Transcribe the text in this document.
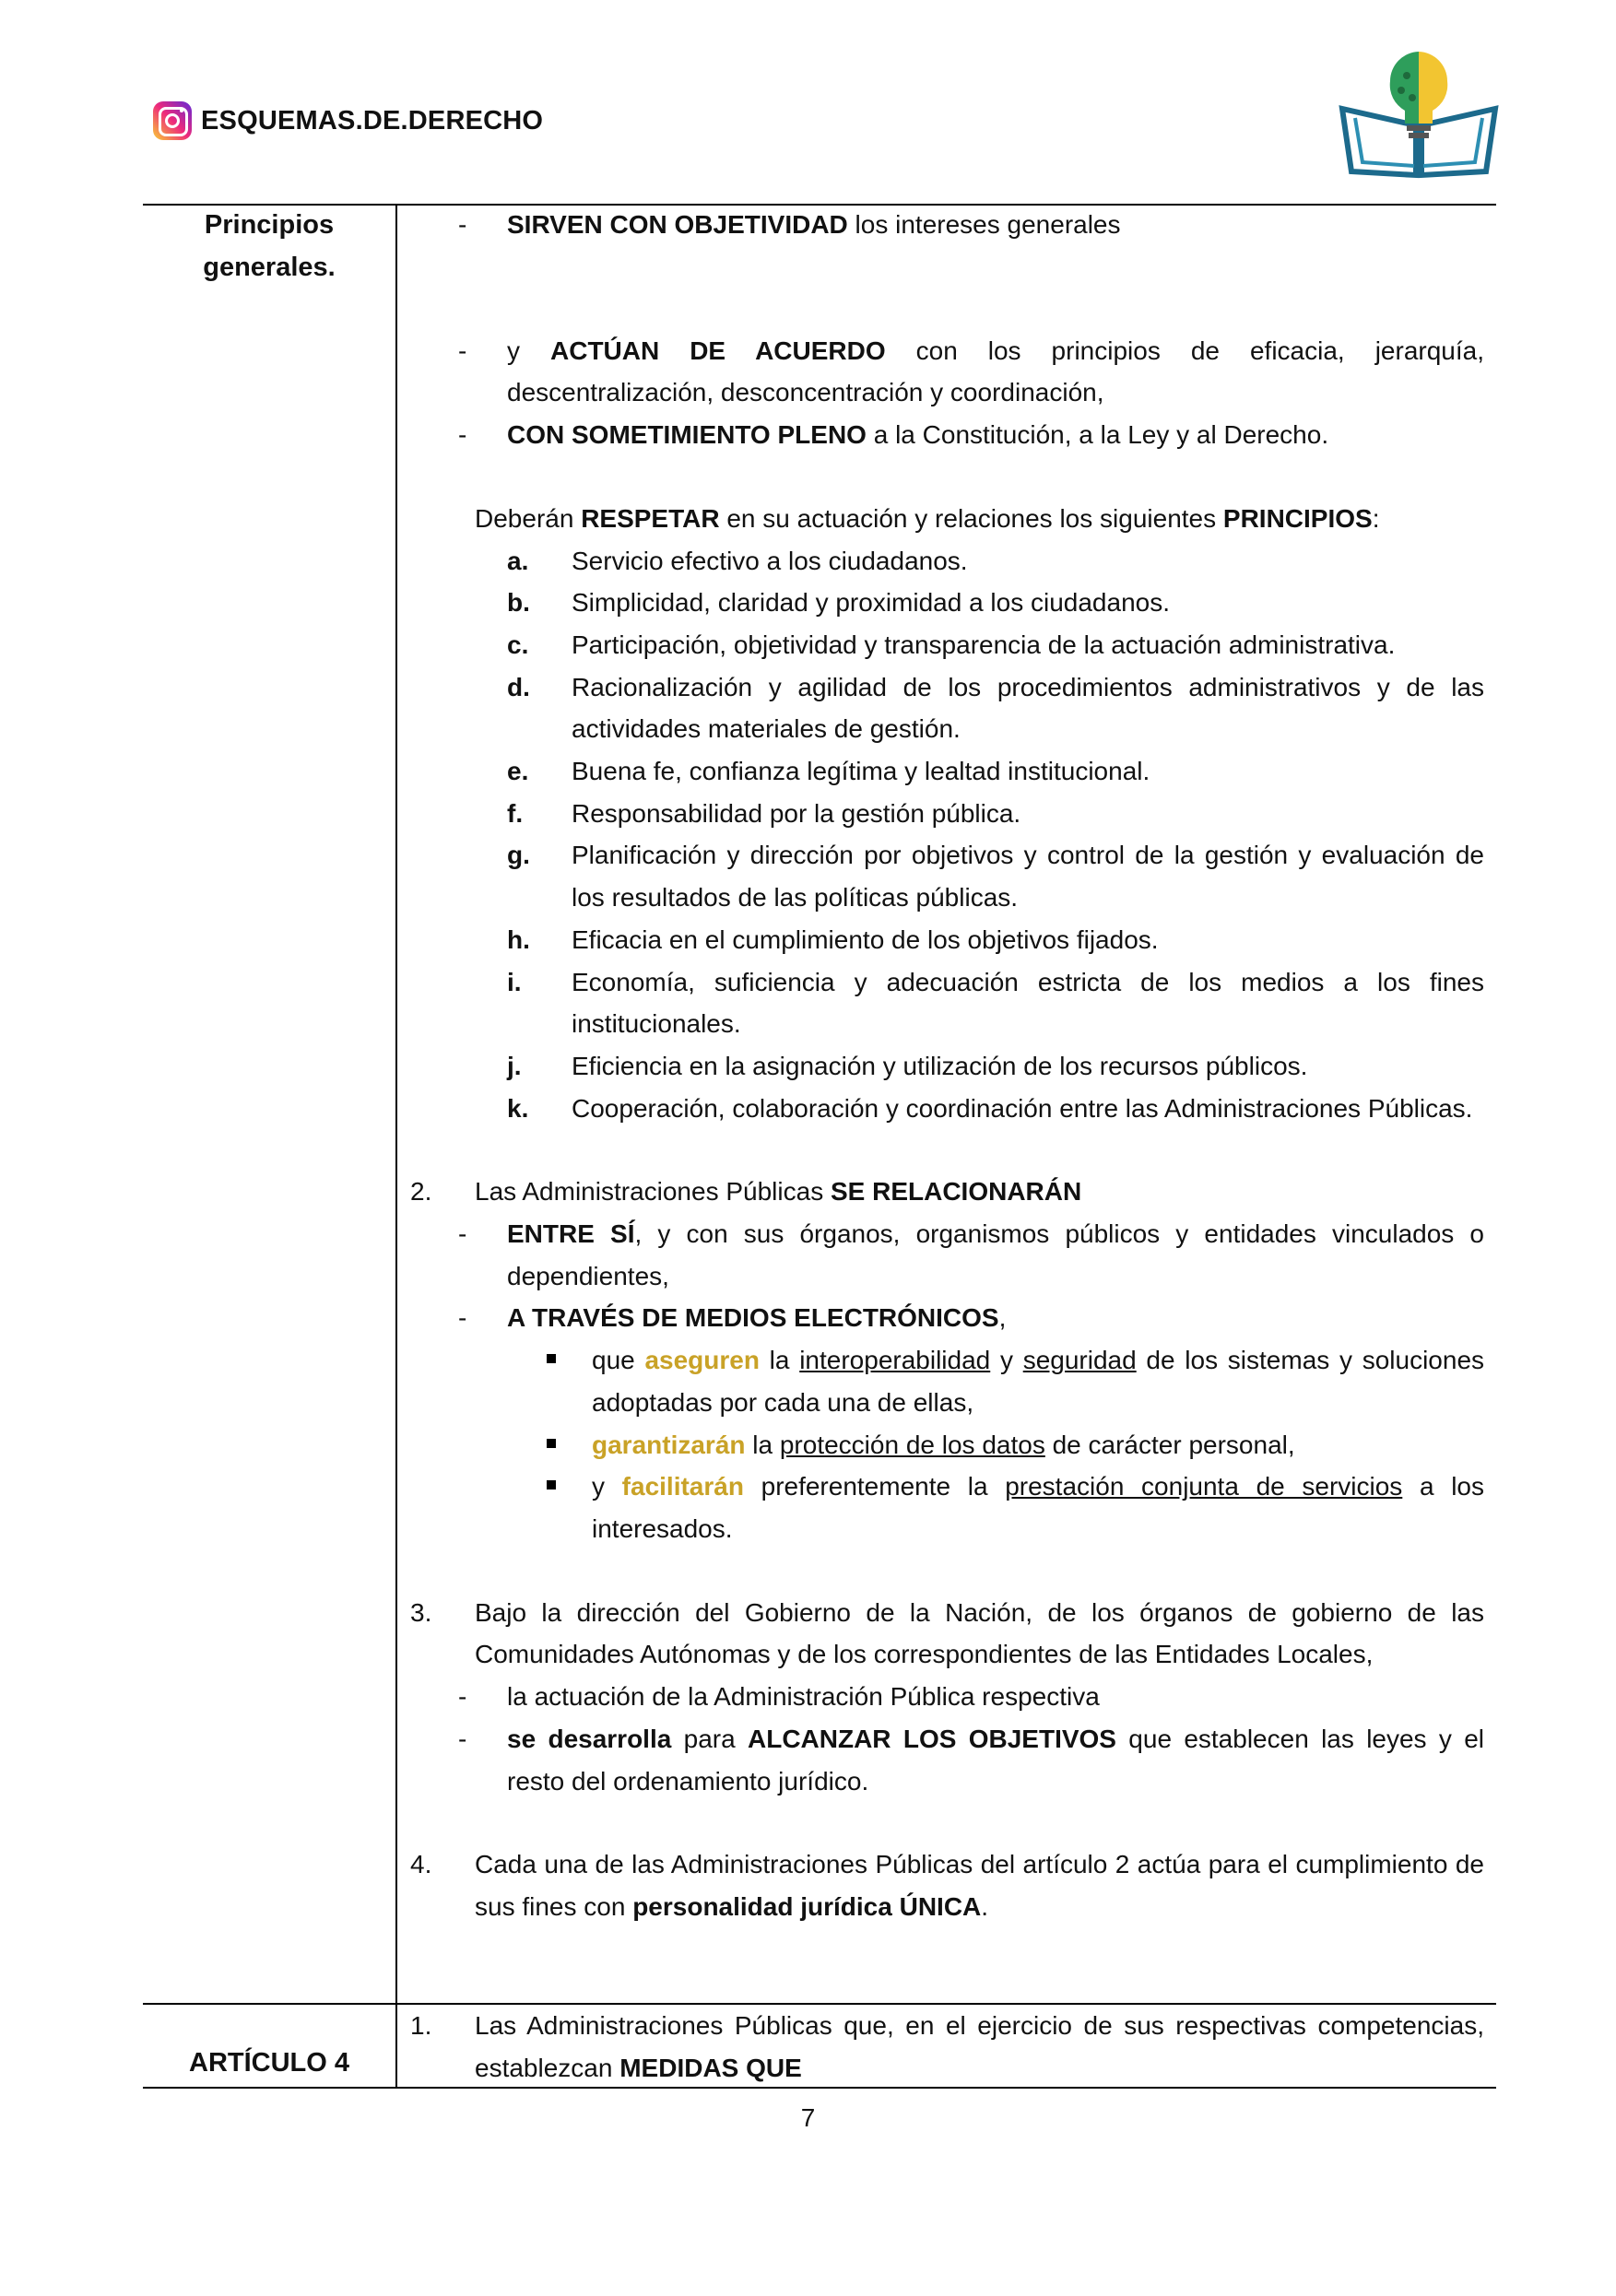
ESQUEMAS.DE.DERECHO
Principios
generales.
ARTÍCULO 4
- SIRVEN CON OBJETIVIDAD los intereses generales
- y ACTÚAN DE ACUERDO con los principios de eficacia, jerarquía, descentralización, desconcentración y coordinación,
- CON SOMETIMIENTO PLENO a la Constitución, a la Ley y al Derecho.
Deberán RESPETAR en su actuación y relaciones los siguientes PRINCIPIOS:
a. Servicio efectivo a los ciudadanos.
b. Simplicidad, claridad y proximidad a los ciudadanos.
c. Participación, objetividad y transparencia de la actuación administrativa.
d. Racionalización y agilidad de los procedimientos administrativos y de las actividades materiales de gestión.
e. Buena fe, confianza legítima y lealtad institucional.
f. Responsabilidad por la gestión pública.
g. Planificación y dirección por objetivos y control de la gestión y evaluación de los resultados de las políticas públicas.
h. Eficacia en el cumplimiento de los objetivos fijados.
i. Economía, suficiencia y adecuación estricta de los medios a los fines institucionales.
j. Eficiencia en la asignación y utilización de los recursos públicos.
k. Cooperación, colaboración y coordinación entre las Administraciones Públicas.
2. Las Administraciones Públicas SE RELACIONARÁN
- ENTRE SÍ, y con sus órganos, organismos públicos y entidades vinculados o dependientes,
- A TRAVÉS DE MEDIOS ELECTRÓNICOS,
que aseguren la interoperabilidad y seguridad de los sistemas y soluciones adoptadas por cada una de ellas,
garantizarán la protección de los datos de carácter personal,
y facilitarán preferentemente la prestación conjunta de servicios a los interesados.
3. Bajo la dirección del Gobierno de la Nación, de los órganos de gobierno de las Comunidades Autónomas y de los correspondientes de las Entidades Locales,
- la actuación de la Administración Pública respectiva
- se desarrolla para ALCANZAR LOS OBJETIVOS que establecen las leyes y el resto del ordenamiento jurídico.
4. Cada una de las Administraciones Públicas del artículo 2 actúa para el cumplimiento de sus fines con personalidad jurídica ÚNICA.
1. Las Administraciones Públicas que, en el ejercicio de sus respectivas competencias, establezcan MEDIDAS QUE
7
